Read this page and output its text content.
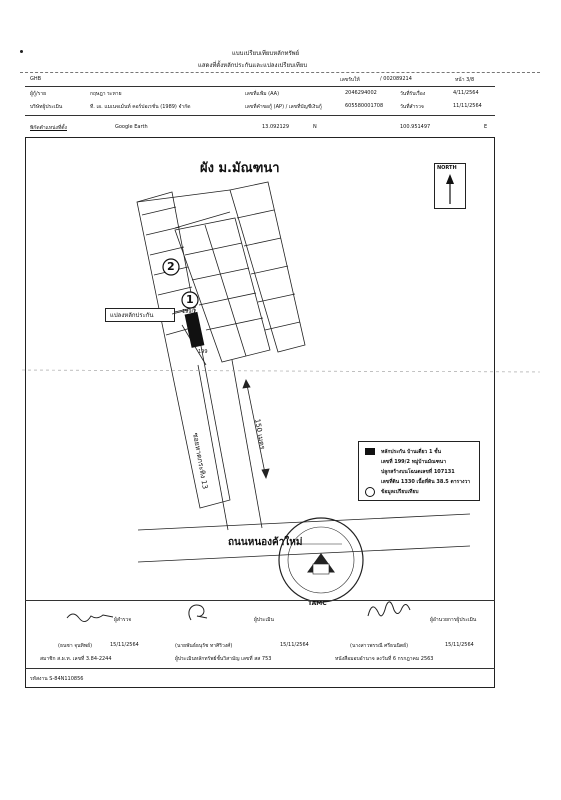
แบบเปรียบเทียบหลักทรัพย์
แสดงที่ตั้งหลักประกันและแปลงเปรียบเทียบ
GHB	เลขรับให้	/ 002089214	หน้า 3/8
ผู้กู้/ราย	กฤษฎา ระหาย	เลขที่แฟ้ม (AA)	2046294002	วันที่รับเรื่อง	4/11/2564
บริษัทผู้ประเมิน	ที. เอ. แมเนจเม้นท์ คอร์ปอเรชั่น (1989) จำกัด	เลขที่คำขอกู้ (AP) / เลขที่บัญชีเงินกู้	605580001708	วันที่สำรวจ	11/11/2564
พิกัดตำแหน่งที่ตั้ง	Google Earth	13.092129	N	100.951497	E
ผัง ม.มัณฑนา	NORTH
1
2
199/2
199
แปลงหลักประกัน
ซอยหาดกระทิง 13	150 เมตร
ถนนหนองค้าใหม่
หลักประกัน บ้านเดี่ยว 1 ชั้น
เลขที่ 199/2 หมู่บ้านมัณฑนา
ปลูกสร้างบนโฉนดเลขที่ 107131
เลขที่ดิน 1330 เนื้อที่ดิน 38.5 ตารางวา
ข้อมูลเปรียบเทียบ
TAMC
ผู้สำรวจ	ผู้ประเมิน	ผู้อำนวยการผู้ประเมิน
(ธนชา จุนทิพย์)	15/11/2564	(นายพันธ์ธนุรัช ทาศิริวงศ์)	15/11/2564	(นางสาวพรรณี ศรีธนนิตย์)	15/11/2564
สมาชิก ส.ผ.ท. เลขที่ 3.84-2244	ผู้ประเมินหลักทรัพย์ชั้นวิสามัญ เลขที่ สส 753	หนังสือมอบอำนาจ ลงวันที่ 6 กรกฎาคม 2563
รหัสงาน S-84N110856
